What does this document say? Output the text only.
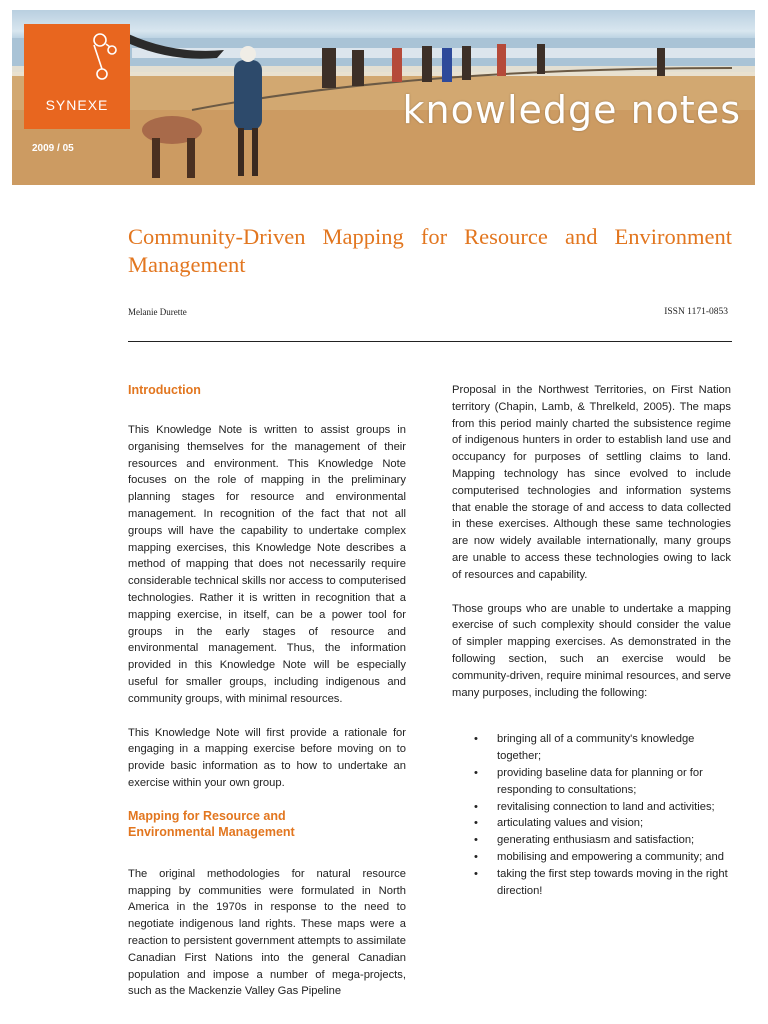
SYNEXE
2009 / 05
knowledge notes
Community-Driven Mapping for Resource and Environment Management
Melanie Durette	ISSN 1171-0853

Introduction

This Knowledge Note is written to assist groups in organising themselves for the management of their resources and environment. This Knowledge Note focuses on the role of mapping in the preliminary planning stages for resource and environmental management. In recognition of the fact that not all groups will have the capability to undertake complex mapping exercises, this Knowledge Note describes a method of mapping that does not necessarily require considerable technical skills nor access to computerised technologies. Rather it is written in recognition that a mapping exercise, in itself, can be a power tool for groups in the early stages of resource and environmental management. Thus, the information provided in this Knowledge Note will be especially useful for smaller groups, including indigenous and community groups, with minimal resources.

This Knowledge Note will first provide a rationale for engaging in a mapping exercise before moving on to provide basic information as to how to undertake an exercise within your own group.

Mapping for Resource and
Environmental Management

The original methodologies for natural resource mapping by communities were formulated in North America in the 1970s in response to the need to negotiate indigenous land rights. These maps were a reaction to persistent government attempts to assimilate Canadian First Nations into the general Canadian population and impose a number of mega-projects, such as the Mackenzie Valley Gas Pipeline

Proposal in the Northwest Territories, on First Nation territory (Chapin, Lamb, & Threlkeld, 2005). The maps from this period mainly charted the subsistence regime of indigenous hunters in order to establish land use and occupancy for purposes of settling claims to land. Mapping technology has since evolved to include computerised technologies and information systems that enable the storage of and access to data collected in these exercises. Although these same technologies are now widely available internationally, many groups are unable to access these technologies owing to lack of resources and capability.

Those groups who are unable to undertake a mapping exercise of such complexity should consider the value of simpler mapping exercises. As demonstrated in the following section, such an exercise would be community-driven, require minimal resources, and serve many purposes, including the following:

• bringing all of a community's knowledge together;
• providing baseline data for planning or for responding to consultations;
• revitalising connection to land and activities;
• articulating values and vision;
• generating enthusiasm and satisfaction;
• mobilising and empowering a community; and
• taking the first step towards moving in the right direction!
